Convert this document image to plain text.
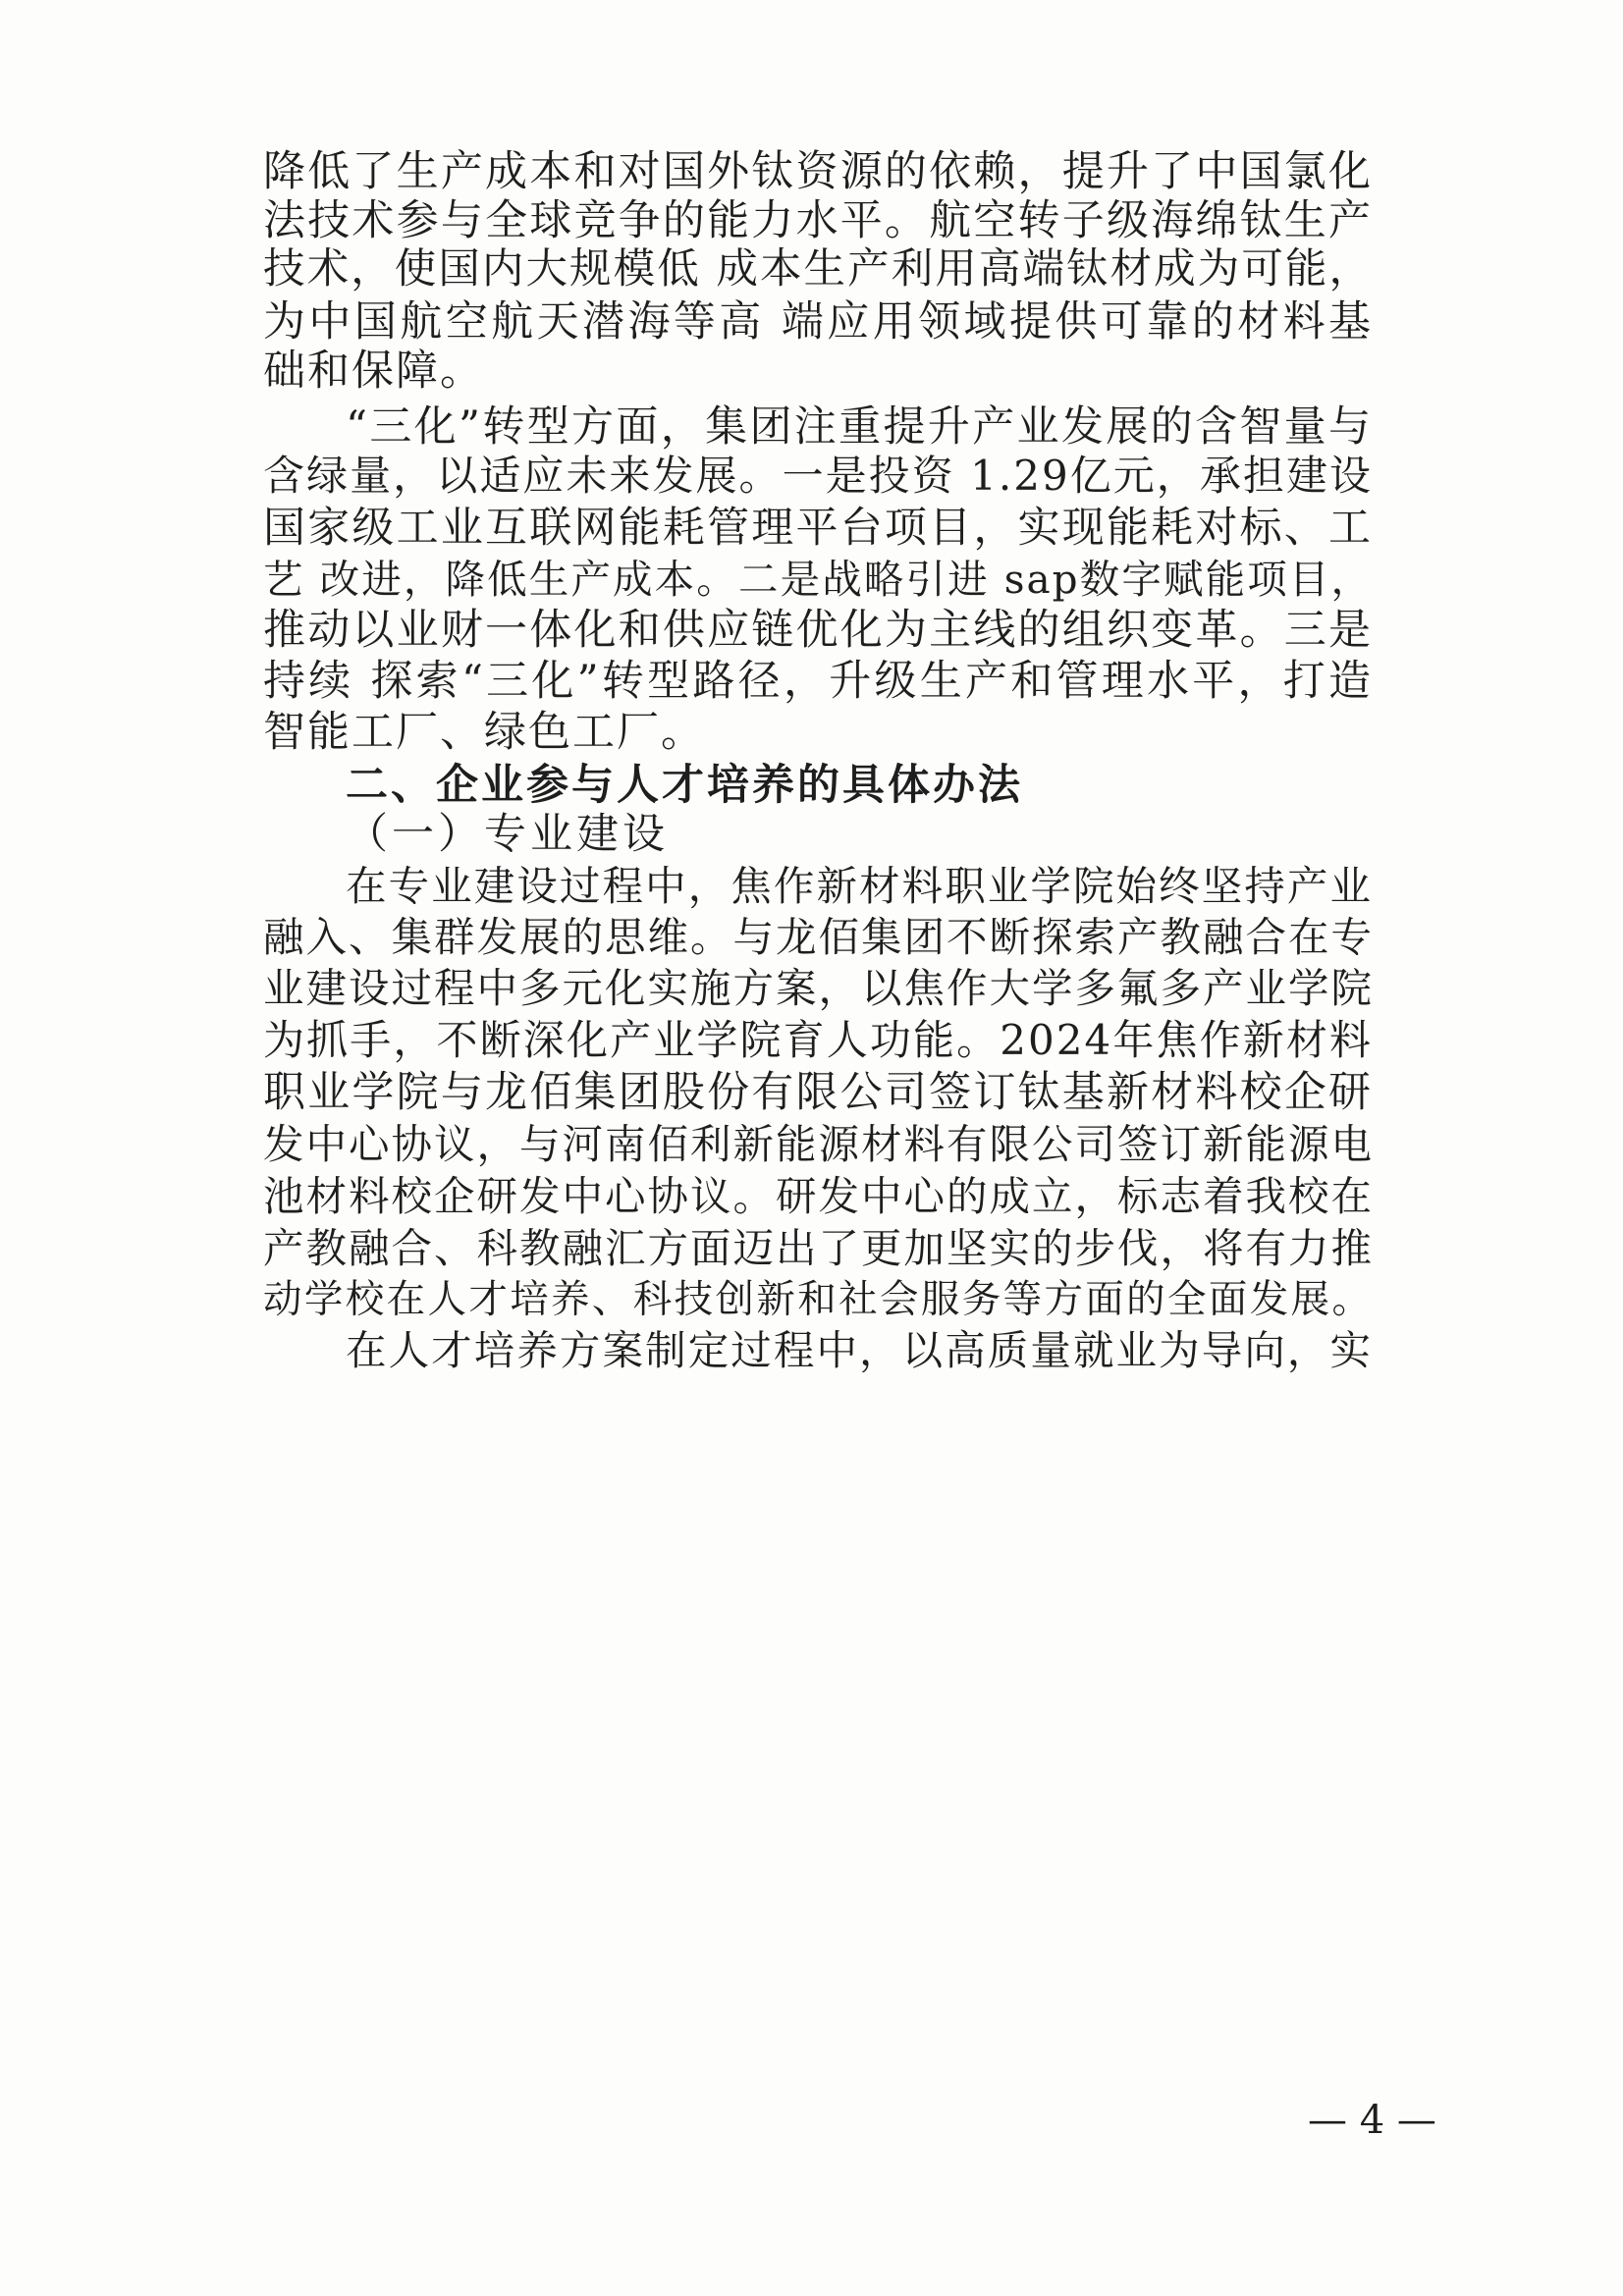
降低了生产成本和对国外钛资源的依赖，提升了中国氯化
法技术参与全球竞争的能力水平。航空转子级海绵钛生产
技术，使国内大规模低 成本生产利用高端钛材成为可能，
为中国航空航天潜海等高 端应用领域提供可靠的材料基
础和保障。
“三化”转型方面，集团注重提升产业发展的含智量与
含绿量，以适应未来发展。一是投资 1.29亿元，承担建设
国家级工业互联网能耗管理平台项目，实现能耗对标、工
艺 改进，降低生产成本。二是战略引进 sap数字赋能项目，
推动以业财一体化和供应链优化为主线的组织变革。三是
持续 探索“三化”转型路径，升级生产和管理水平，打造
智能工厂、绿色工厂。
二、企业参与人才培养的具体办法
（一）专业建设
在专业建设过程中，焦作新材料职业学院始终坚持产业
融入、集群发展的思维。与龙佰集团不断探索产教融合在专
业建设过程中多元化实施方案，以焦作大学多氟多产业学院
为抓手，不断深化产业学院育人功能。2024年焦作新材料
职业学院与龙佰集团股份有限公司签订钛基新材料校企研
发中心协议，与河南佰利新能源材料有限公司签订新能源电
池材料校企研发中心协议。研发中心的成立，标志着我校在
产教融合、科教融汇方面迈出了更加坚实的步伐，将有力推
动学校在人才培养、科技创新和社会服务等方面的全面发展。
在人才培养方案制定过程中，以高质量就业为导向，实
— 4 —
